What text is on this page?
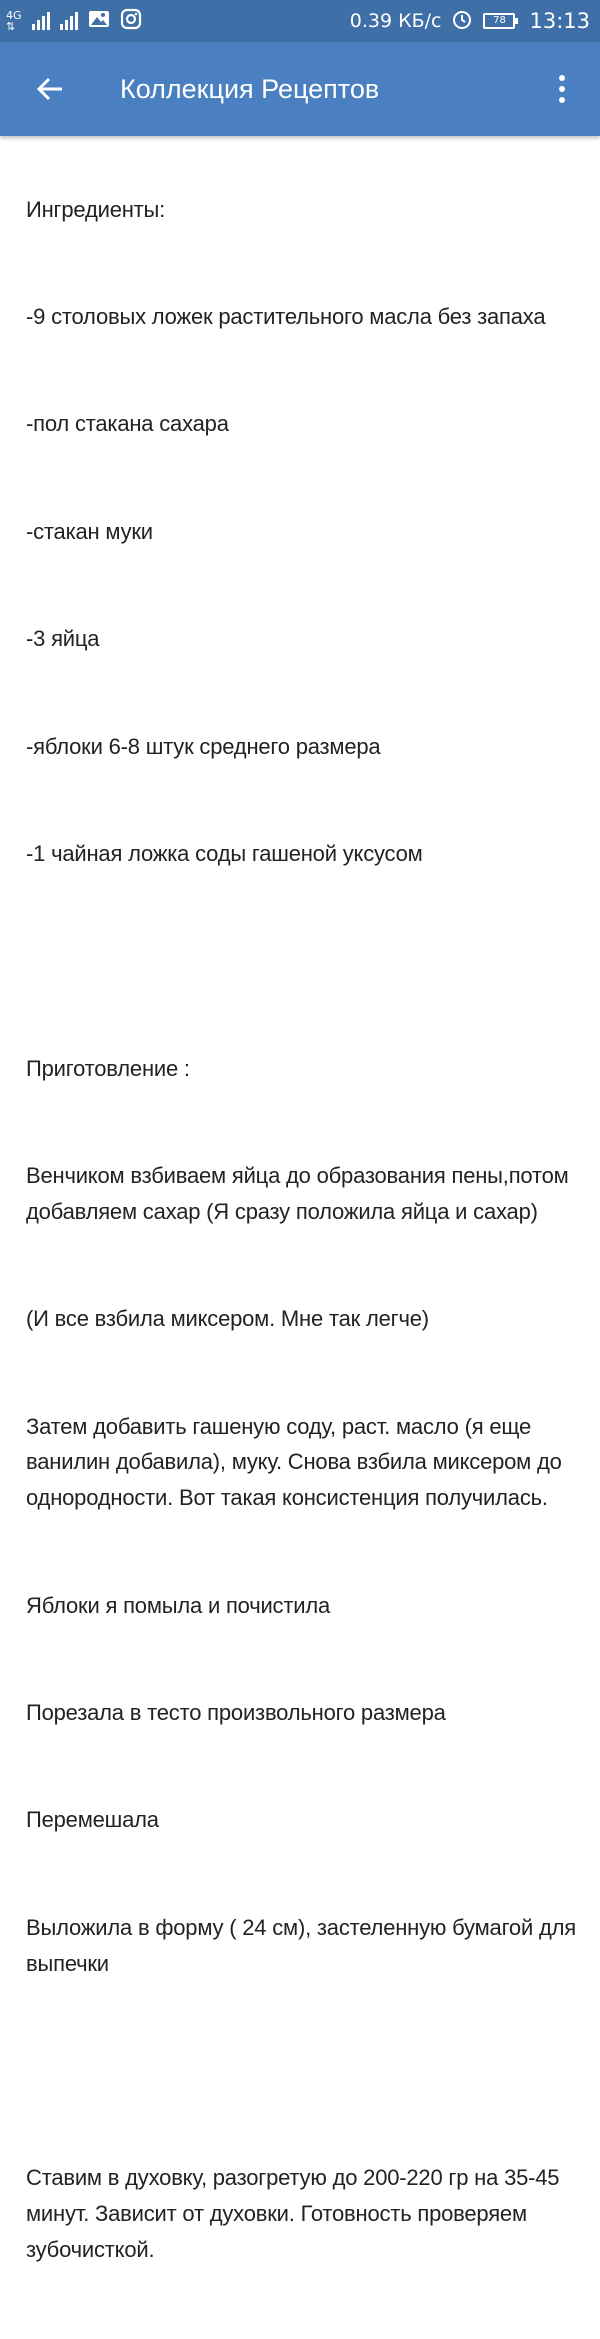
4G
⇅	0.39 КБ/с	78	13:13
Коллекция Рецептов

Ингредиенты:

-9 столовых ложек растительного масла без запаха

-пол стакана сахара

-стакан муки

-3 яйца

-яблоки 6-8 штук среднего размера

-1 чайная ложка соды гашеной уксусом

Приготовление :

Венчиком взбиваем яйца до образования пены,потом добавляем сахар (Я сразу положила яйца и сахар)

(И все взбила миксером. Мне так легче)

Затем добавить гашеную соду, раст. масло (я еще ванилин добавила), муку. Снова взбила миксером до однородности. Вот такая консистенция получилась.

Яблоки я помыла и почистила

Порезала в тесто произвольного размера

Перемешала

Выложила в форму ( 24 см), застеленную бумагой для выпечки

Ставим в духовку, разогретую до 200-220 гр на 35-45 минут. Зависит от духовки. Готовность проверяем зубочисткой.
